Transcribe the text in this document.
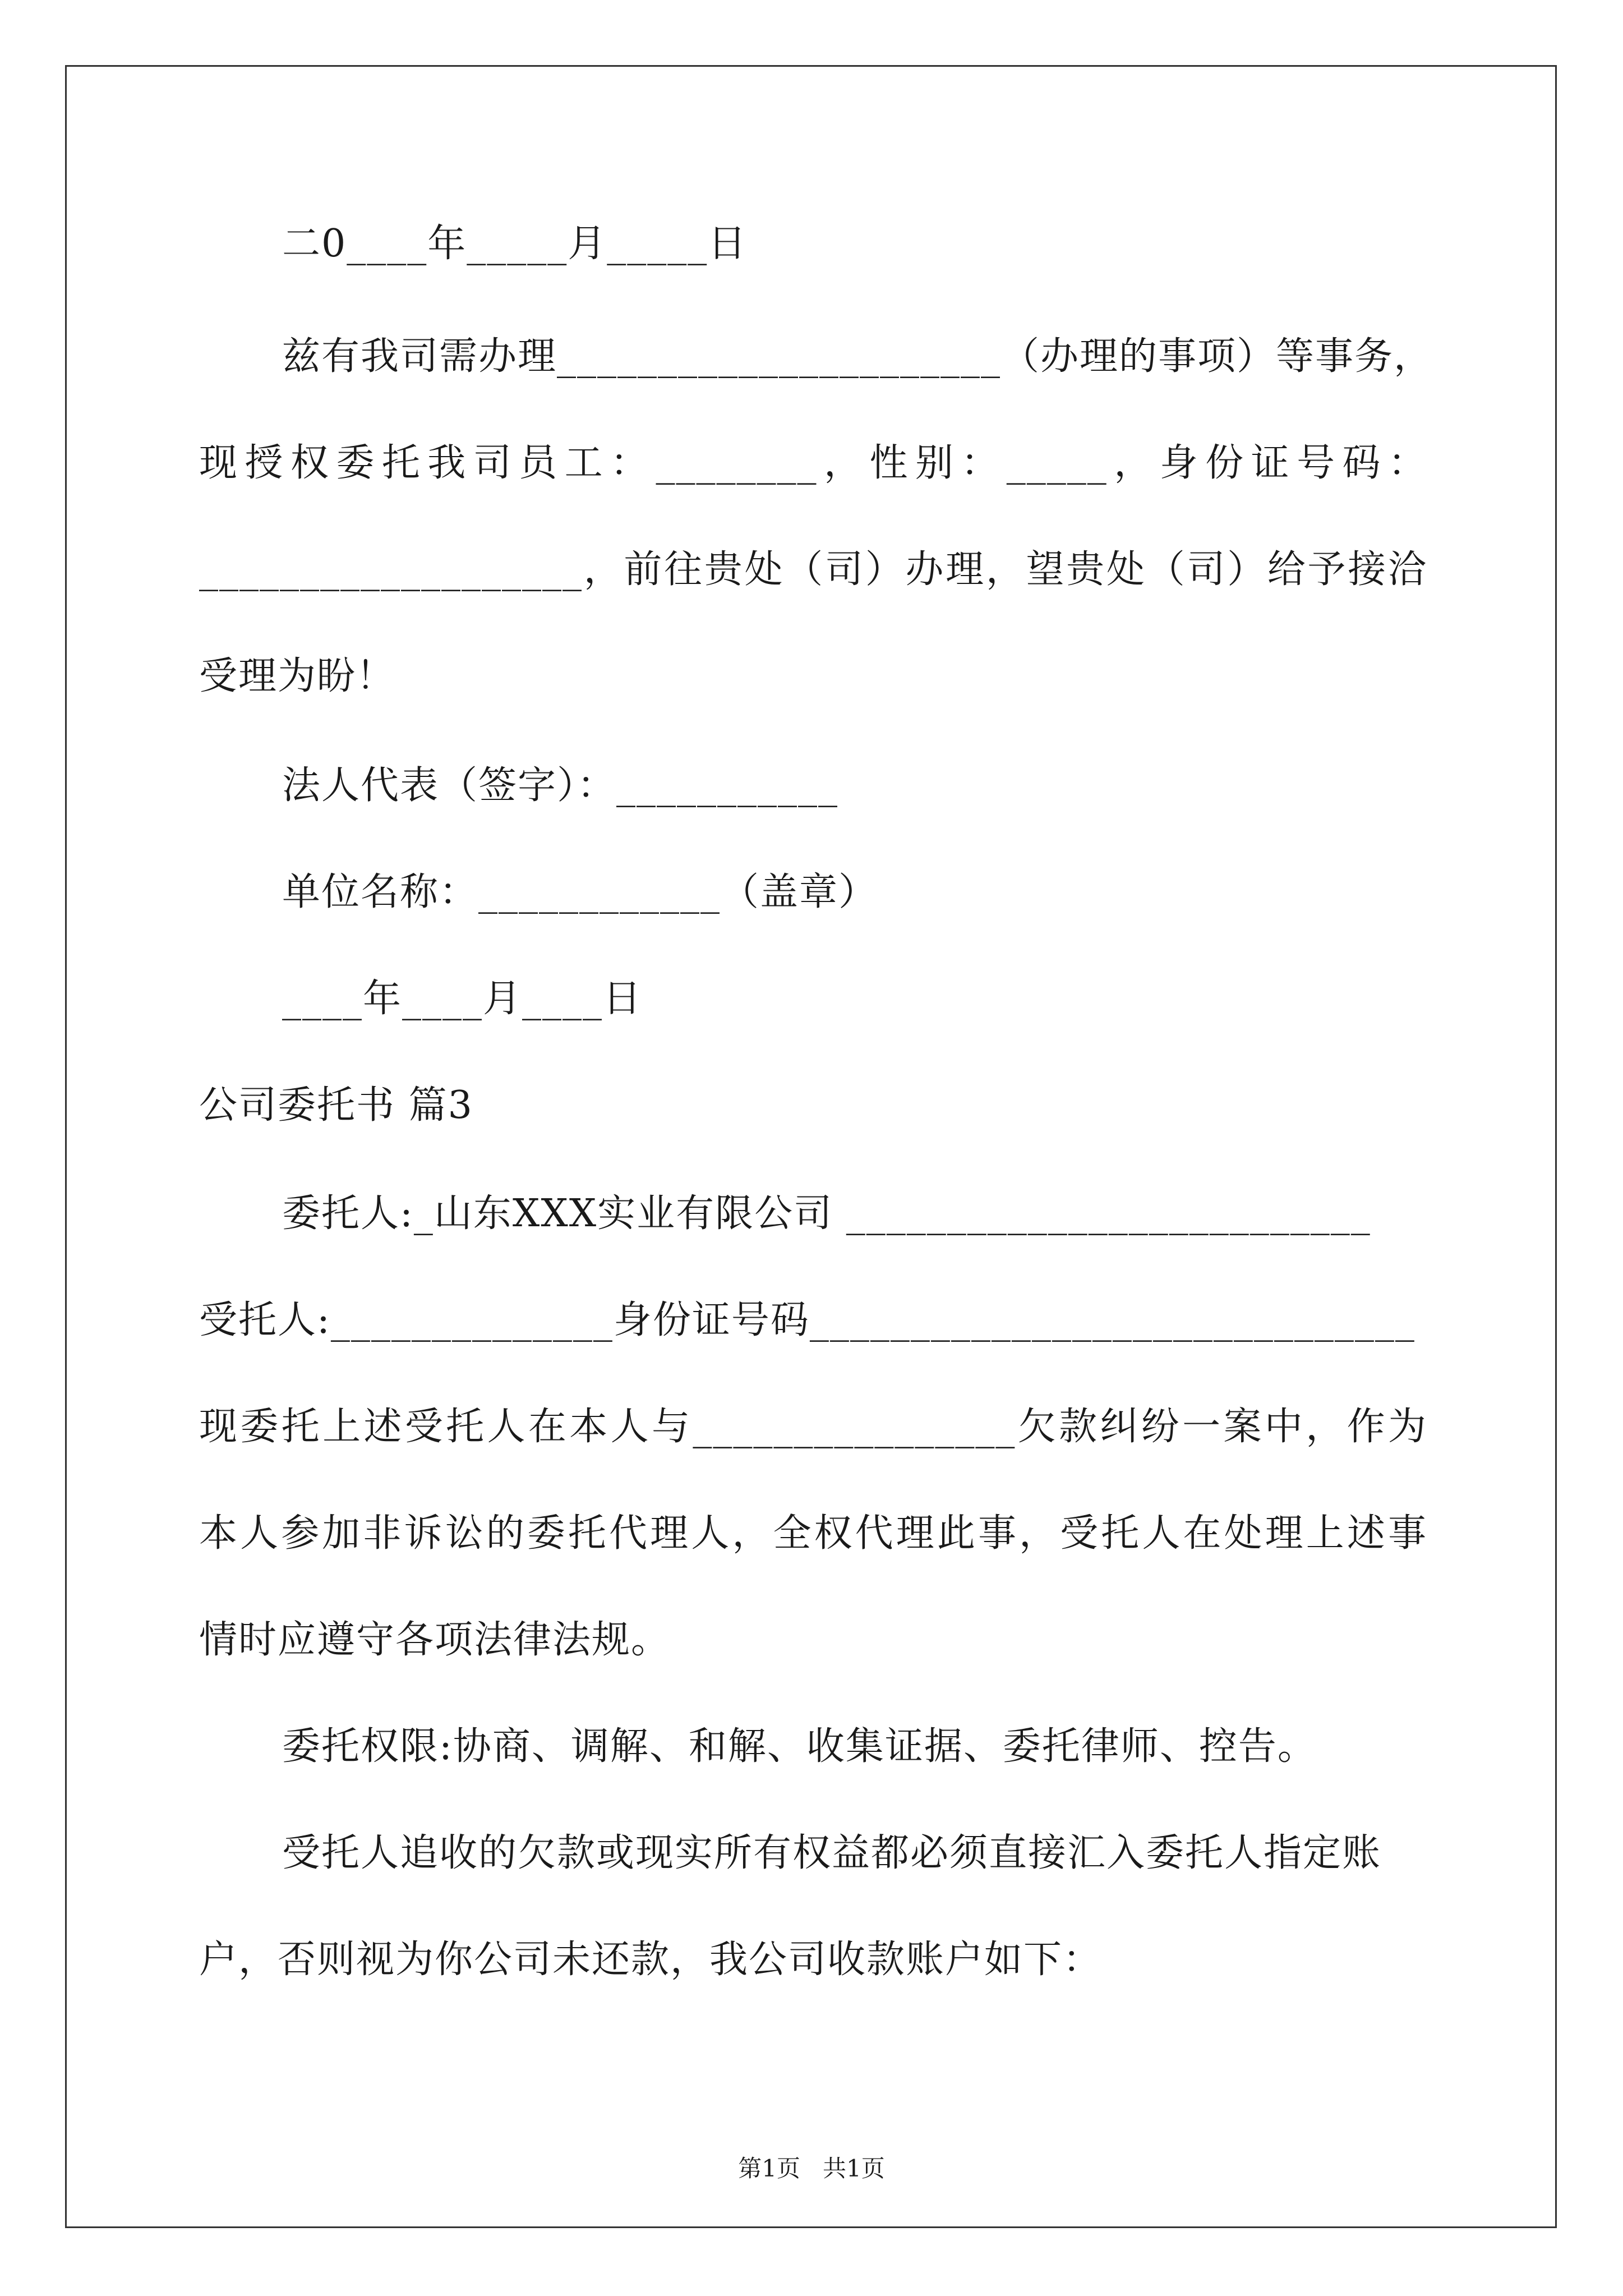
二0____年_____月_____日
兹有我司需办理______________________（办理的事项）等事务，
现授权委托我司员工：________，性别：_____，身份证号码：
___________________，前往贵处（司）办理，望贵处（司）给予接洽
受理为盼！
法人代表（签字）：___________
单位名称：____________（盖章）
____年____月____日
公司委托书 篇3
委托人:_山东XXX实业有限公司 __________________________
受托人:______________身份证号码______________________________
现委托上述受托人在本人与________________欠款纠纷一案中，作为
本人参加非诉讼的委托代理人，全权代理此事，受托人在处理上述事
情时应遵守各项法律法规。
委托权限:协商、调解、和解、收集证据、委托律师、控告。
受托人追收的欠款或现实所有权益都必须直接汇入委托人指定账
户，否则视为你公司未还款，我公司收款账户如下：
第1页   共1页
